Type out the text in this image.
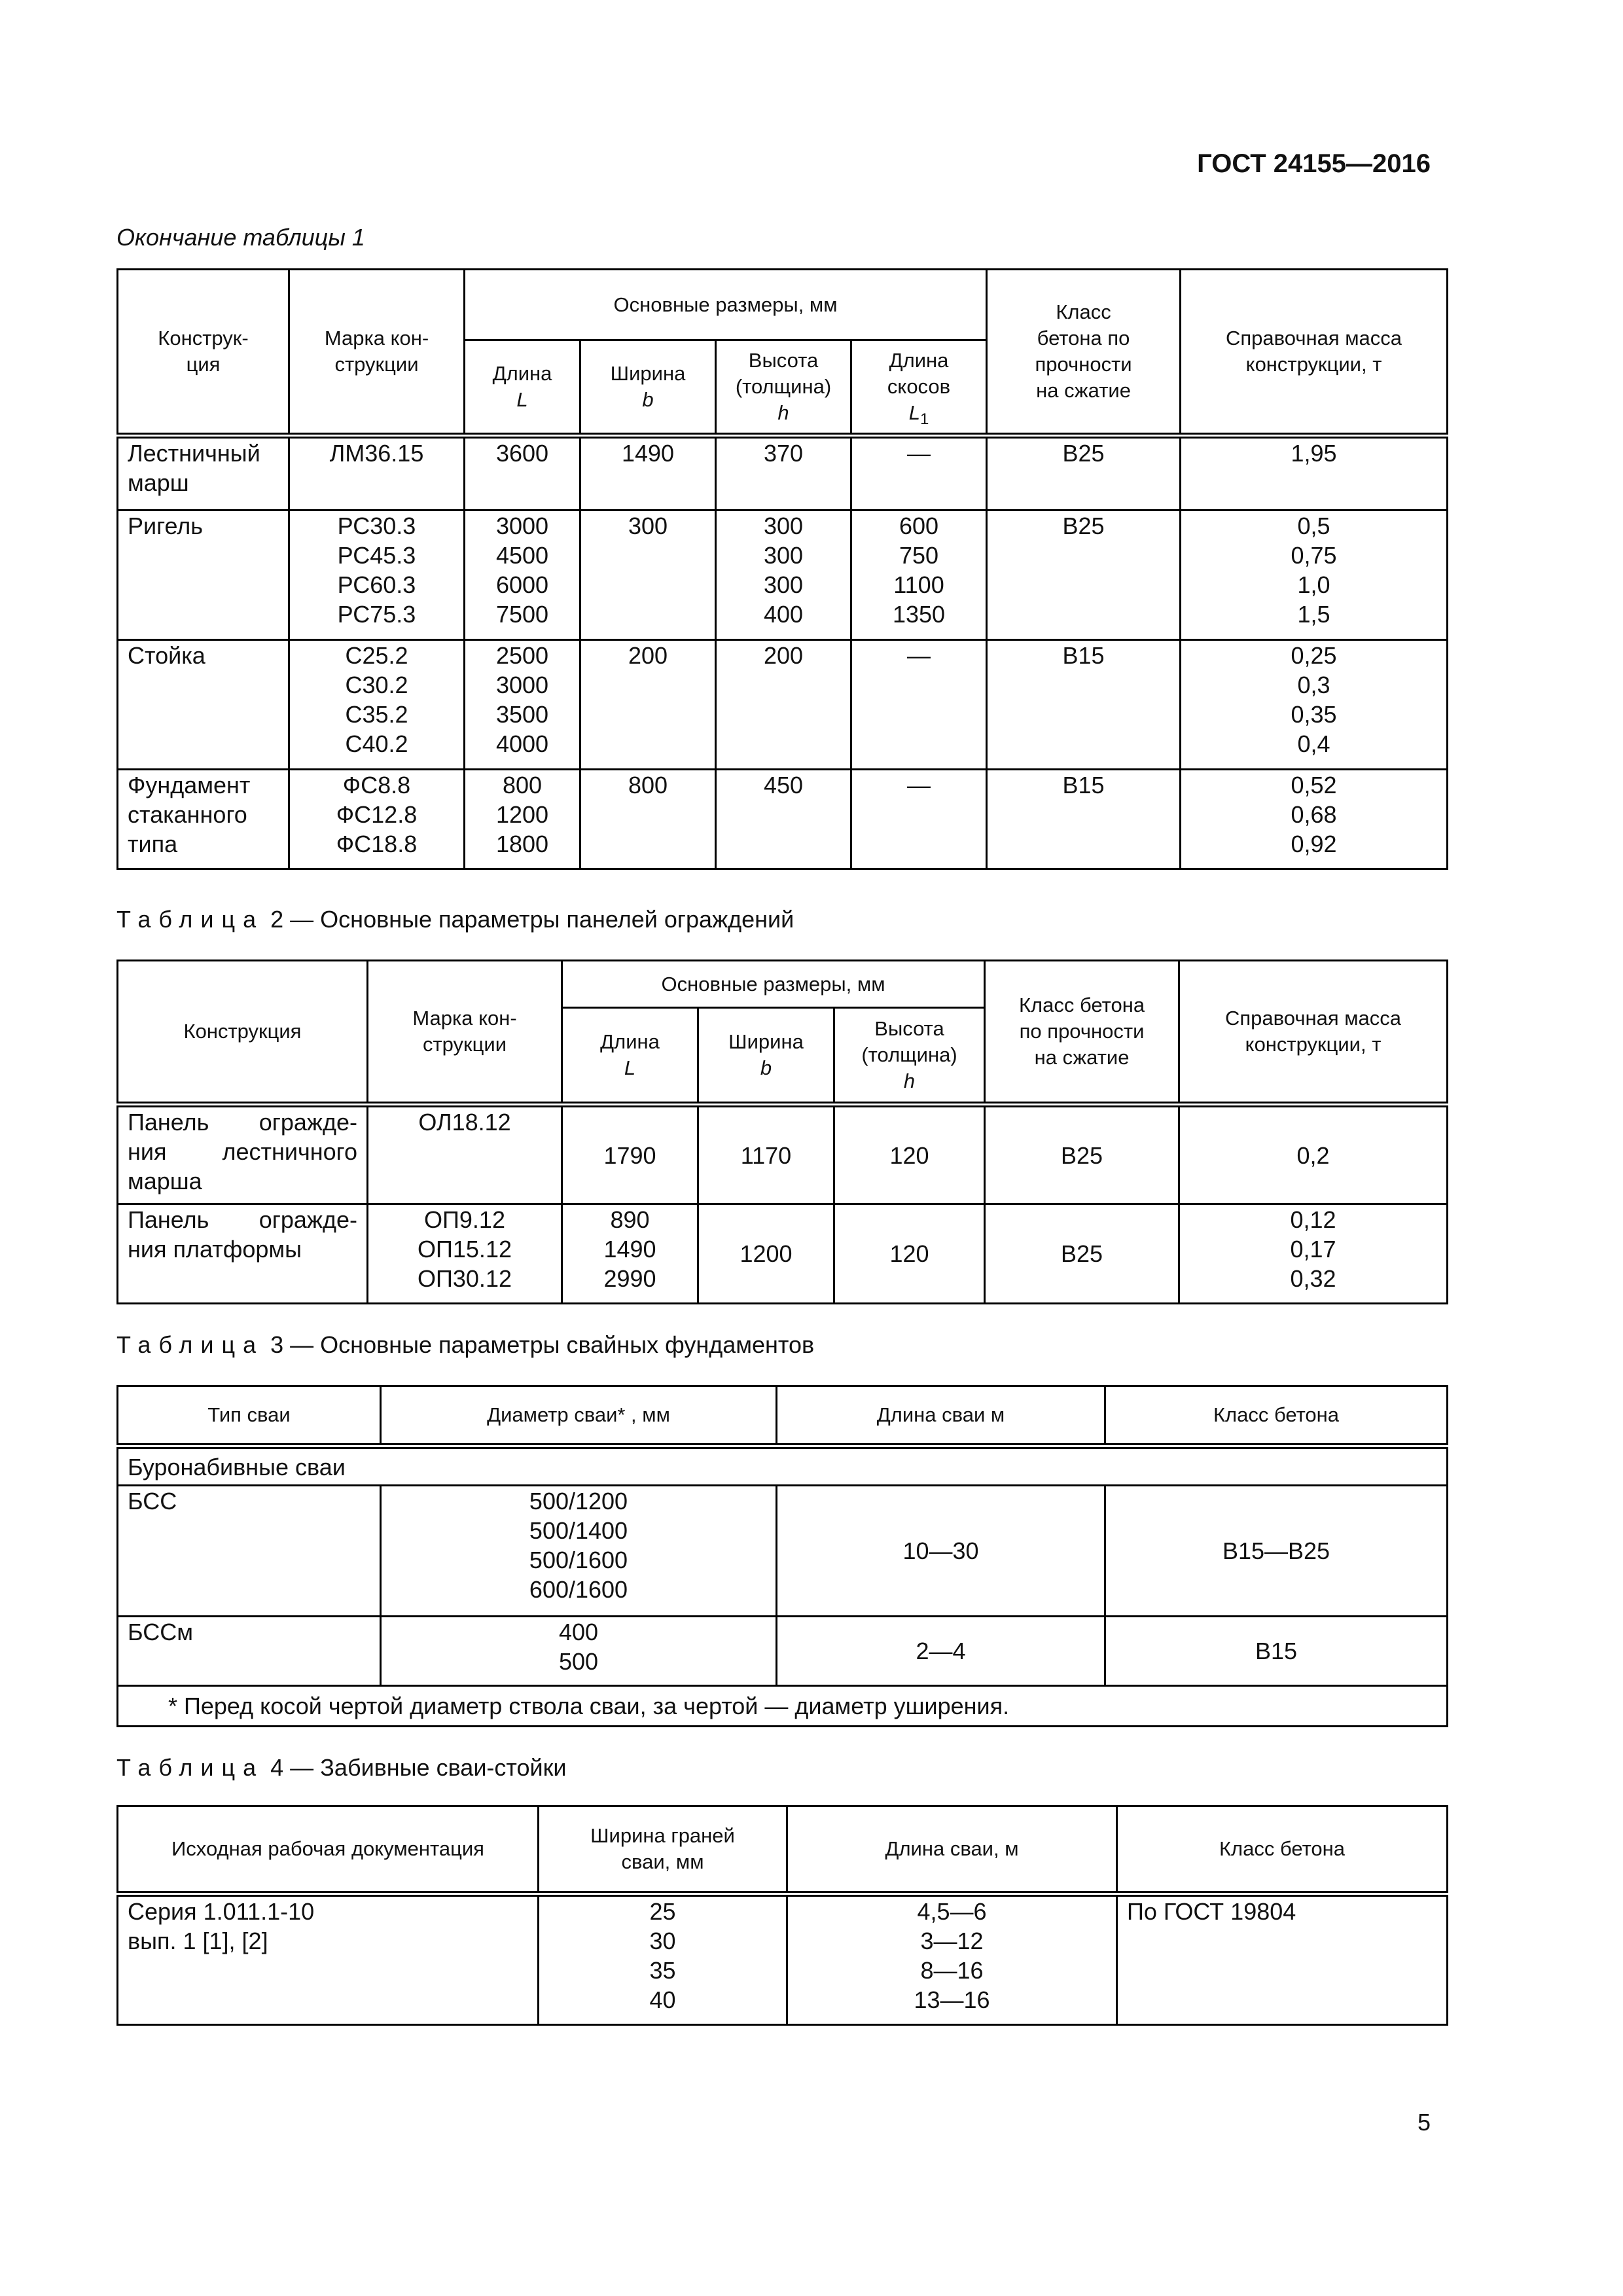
ГОСТ 24155—2016
Окончание таблицы 1
Конструк-
ция	Марка кон-
струкции	Основные размеры, мм				Класс
бетона по
прочности
на сжатие	Справочная масса
конструкции, т

		Длина
L	Ширина
b	Высота
(толщина)
h	Длина
скосов
$L_1$

Лестничный
марш	ЛМ36.15	3600	1490	370	—	В25	1,95

Ригель	РС30.3
РС45.3
РС60.3
РС75.3	3000
4500
6000
7500	300	300
300
300
400	600
750
1100
1350	В25	0,5
0,75
1,0
1,5

Стойка	С25.2
С30.2
С35.2
С40.2	2500
3000
3500
4000	200	200	—	В15	0,25
0,3
0,35
0,4

Фундамент
стаканного
типа	ФС8.8
ФС12.8
ФС18.8	800
1200
1800	800	450	—	В15	0,52
0,68
0,92
Таблица 2 — Основные параметры панелей ограждений
Конструкция	Марка кон-
струкции	Основные размеры, мм			Класс бетона
по прочности
на сжатие	Справочная масса
конструкции, т

		Длина
L	Ширина
b	Высота
(толщина)
h		

Панель огражде-
ния лестничного
марша	ОЛ18.12	1790	1170	120	В25	0,2

Панель огражде-
ния платформы	ОП9.12
ОП15.12
ОП30.12	890
1490
2990	1200	120	В25	0,12
0,17
0,32
Таблица 3 — Основные параметры свайных фундаментов
Тип сваи	Диаметр сваи* , мм	Длина сваи м	Класс бетона
Буронабивные сваи			
БСС	500/1200
500/1400
500/1600
600/1600	10—30	В15—В25
БССм	400
500	2—4	В15
* Перед косой чертой диаметр ствола сваи, за чертой — диаметр уширения.			
Таблица 4 — Забивные сваи-стойки
Исходная рабочая документация	Ширина граней
сваи, мм	Длина сваи, м	Класс бетона

Серия 1.011.1-10
вып. 1 [1], [2]	25
30
35
40	4,5—6
3—12
8—16
13—16	По ГОСТ 19804
5
